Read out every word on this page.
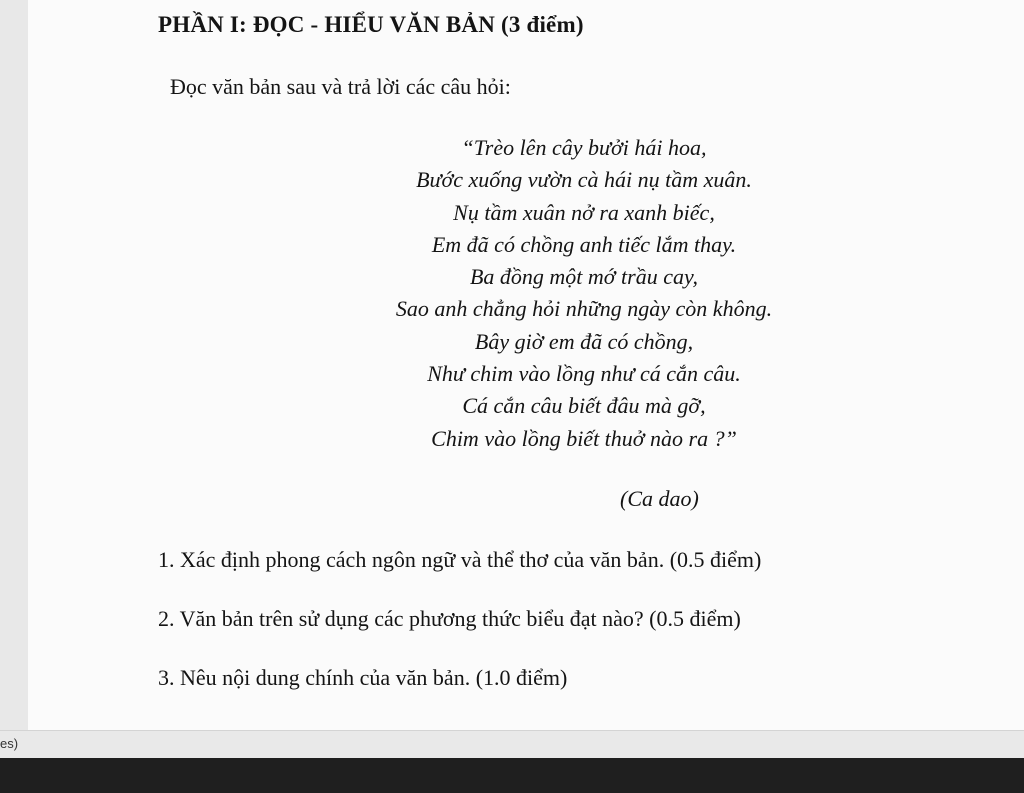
PHẦN I: ĐỌC - HIỂU VĂN BẢN (3 điểm)

Đọc văn bản sau và trả lời các câu hỏi:

“Trèo lên cây bưởi hái hoa,
Bước xuống vườn cà hái nụ tầm xuân.
Nụ tầm xuân nở ra xanh biếc,
Em đã có chồng anh tiếc lắm thay.
Ba đồng một mớ trầu cay,
Sao anh chẳng hỏi những ngày còn không.
Bây giờ em đã có chồng,
Như chim vào lồng như cá cắn câu.
Cá cắn câu biết đâu mà gỡ,
Chim vào lồng biết thuở nào ra ?”
(Ca dao)
1. Xác định phong cách ngôn ngữ và thể thơ của văn bản. (0.5 điểm)
2. Văn bản trên sử dụng các phương thức biểu đạt nào? (0.5 điểm)
3. Nêu nội dung chính của văn bản. (1.0 điểm)
es)
